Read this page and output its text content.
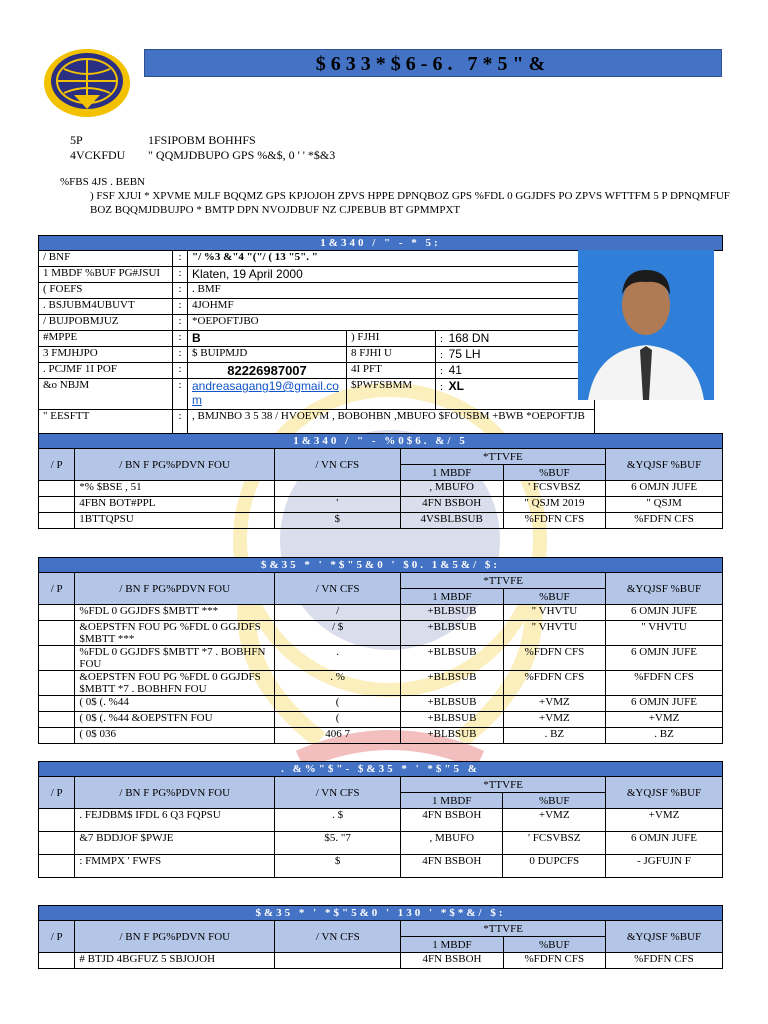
$633*$6-6. 7*5"&
5P	1FSIPOBM BOHHFS
4VCKFDU	" QQMJDBUPO GPS %&$, 0 ' ' *$&3
%FBS 4JS . BEBN
) FSF XJUI * XPVME MJLF BQQMZ GPS KPJOJOH ZPVS HPPE DPNQBOZ GPS %FDL 0 GGJDFS PO ZPVS WFTTFM 5 P DPNQMFUF BOZ BQQMJDBUJPO * BMTP DPN NVOJDBUF NZ CJPEBUB BT GPMMPXT
1&340 / " - * 5:					
/ BNF	:	"/ %3 &"4 "("/ ( 13 "5". "			
1 MBDF %BUF PG#JSUI	:	Klaten, 19 April 2000			
( FOEFS	:	. BMF			
. BSJUBM4UBUVT	:	4JOHMF			
/ BUJPOBMJUZ	:	*OEPOFTJBO			
#MPPE	:	B	) FJHI	: 168 DN	
3 FMJHJPO	:	$ BUIPMJD	8 FJHI U	: 75 LH	
. PCJMF 1I POF	:	82226987007	4I PFT	: 41	
&o NBJM	:	andreasagang19@gmail.com	$PWFSBMM	: XL	
" EESFTT	:	, BMJNBO 3 5 38 / HVOEVM , BOBOHBN ,MBUFO $FOUSBM +BWB *OEPOFTJB			
1&340 / " - %0$6. &/ 5					
/ P	/ BN F PG%PDVN FOU	/ VN CFS	*TTVFE		&YQJSF %BUF
			1 MBDF	%BUF	
	*% $BSE , 51		, MBUFO	' FCSVBSZ	6 OMJN JUFE
	4FBN BOT#PPL	'	4FN BSBOH	" QSJM 2019	" QSJM
	1BTTQPSU	$	4VSBLBSUB	%FDFN CFS	%FDFN CFS
$&35 * ' *$"5&0 ' $0. 1&5&/ $:					
/ P	/ BN F PG%PDVN FOU	/ VN CFS	*TTVFE		&YQJSF %BUF
			1 MBDF	%BUF	
	%FDL 0 GGJDFS $MBTT ***	/	+BLBSUB	" VHVTU	6 OMJN JUFE
	&OEPSTFN FOU PG %FDL 0 GGJDFS $MBTT ***	/ $	+BLBSUB	" VHVTU	" VHVTU
	%FDL 0 GGJDFS $MBTT *7 . BOBHFN FOU	.	+BLBSUB	%FDFN CFS	6 OMJN JUFE
	&OEPSTFN FOU PG %FDL 0 GGJDFS $MBTT *7 . BOBHFN FOU	. %	+BLBSUB	%FDFN CFS	%FDFN CFS
	( 0$ (. %44	(	+BLBSUB	+VMZ	6 OMJN JUFE
	( 0$ (. %44 &OEPSTFN FOU	(	+BLBSUB	+VMZ	+VMZ
	( 0$ 036	406 7	+BLBSUB	. BZ	. BZ
. &%"$"- $&35 * ' *$"5 &					
/ P	/ BN F PG%PDVN FOU	/ VN CFS	*TTVFE		&YQJSF %BUF
			1 MBDF	%BUF	
	. FEJDBM$ IFDL 6 Q3 FQPSU	. $	4FN BSBOH	+VMZ	+VMZ
	&7 BDDJOF $PWJE	$5. "7	, MBUFO	' FCSVBSZ	6 OMJN JUFE
	: FMMPX ' FWFS	$	4FN BSBOH	0 DUPCFS	- JGFUJN F
$&35 * ' *$"5&0 ' 130 ' *$*&/ $:					
/ P	/ BN F PG%PDVN FOU	/ VN CFS	*TTVFE		&YQJSF %BUF
			1 MBDF	%BUF	
	# BTJD 4BGFUZ 5 SBJOJOH		4FN BSBOH	%FDFN CFS	%FDFN CFS
